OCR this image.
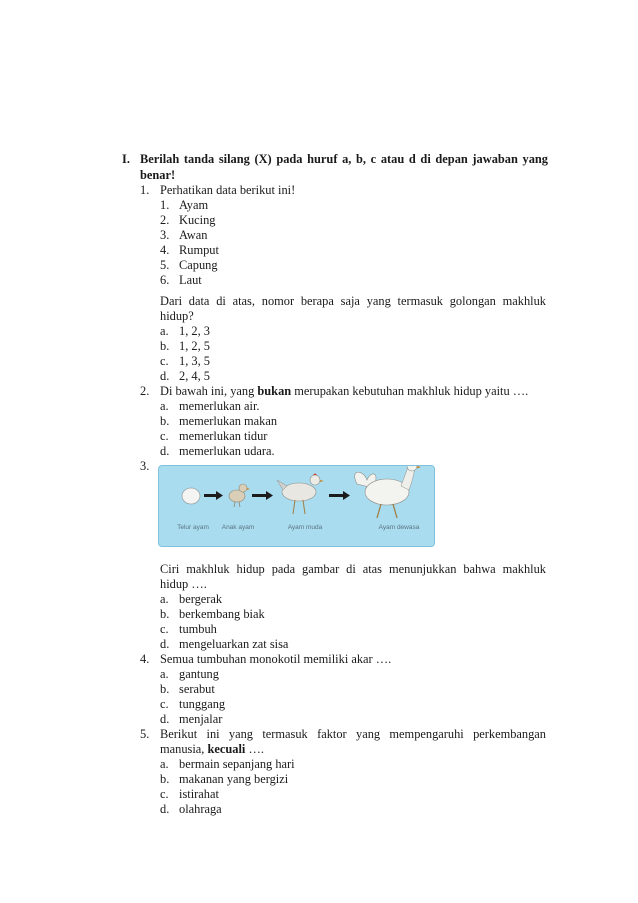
I. Berilah tanda silang (X) pada huruf a, b, c atau d di depan jawaban yang
benar!
1. Perhatikan data berikut ini!
1. Ayam
2. Kucing
3. Awan
4. Rumput
5. Capung
6. Laut
Dari data di atas, nomor berapa saja yang termasuk golongan makhluk
hidup?
a. 1, 2, 3
b. 1, 2, 5
c. 1, 3, 5
d. 2, 4, 5
2. Di bawah ini, yang bukan merupakan kebutuhan makhluk hidup yaitu ….
a. memerlukan air.
b. memerlukan makan
c. memerlukan tidur
d. memerlukan udara.
3.
Telur ayam	Anak ayam	Ayam muda	Ayam dewasa
Ciri makhluk hidup pada gambar di atas menunjukkan bahwa makhluk
hidup ….
a. bergerak
b. berkembang biak
c. tumbuh
d. mengeluarkan zat sisa
4. Semua tumbuhan monokotil memiliki akar ….
a. gantung
b. serabut
c. tunggang
d. menjalar
5. Berikut ini yang termasuk faktor yang mempengaruhi perkembangan
manusia, kecuali ….
a. bermain sepanjang hari
b. makanan yang bergizi
c. istirahat
d. olahraga
